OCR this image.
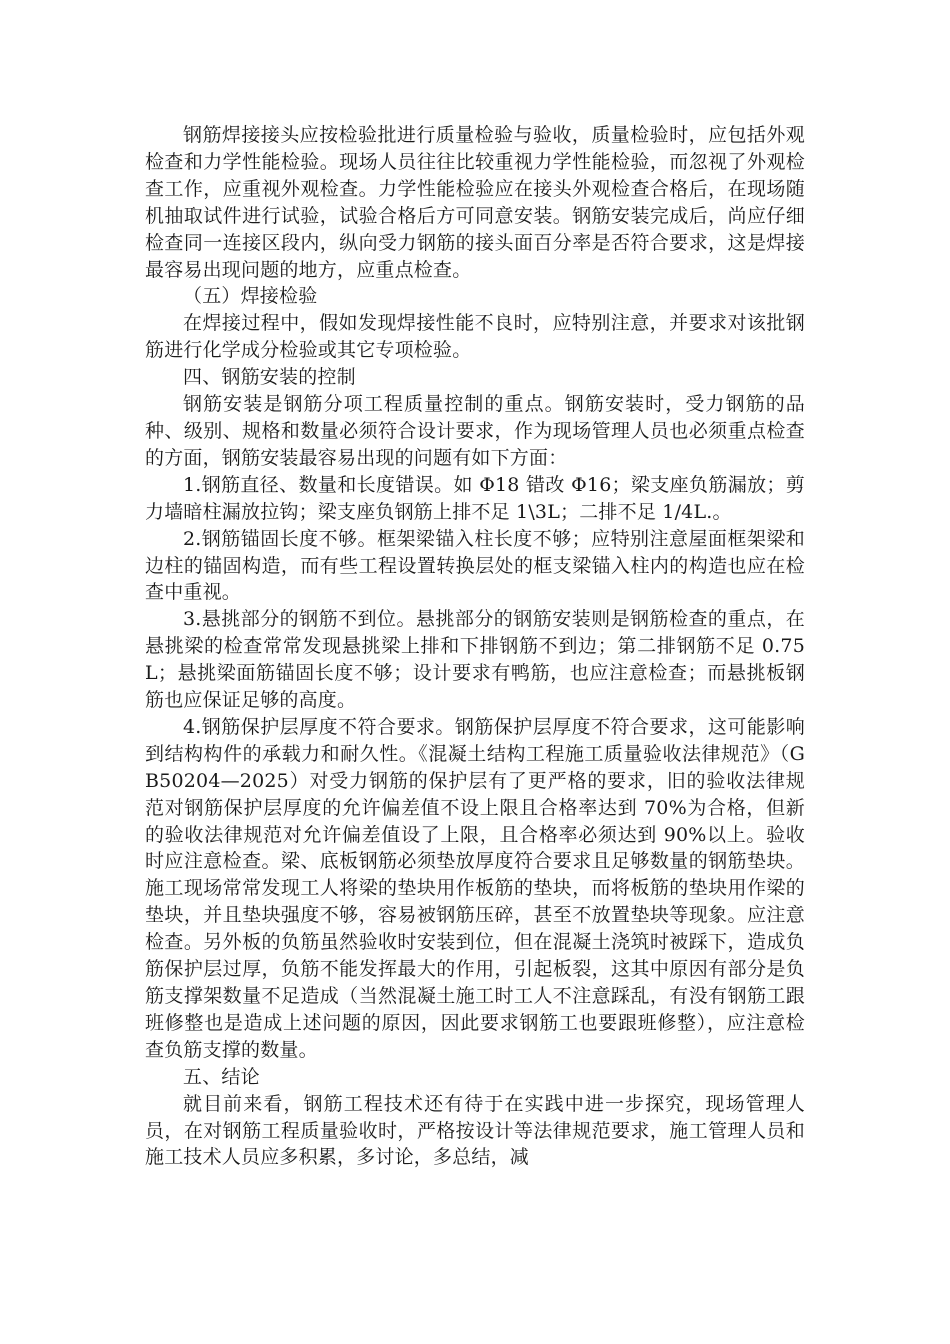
钢筋焊接接头应按检验批进行质量检验与验收，质量检验时，应包括外观检查和力学性能检验。现场人员往往比较重视力学性能检验，而忽视了外观检查工作，应重视外观检查。力学性能检验应在接头外观检查合格后，在现场随机抽取试件进行试验，试验合格后方可同意安装。钢筋安装完成后，尚应仔细检查同一连接区段内，纵向受力钢筋的接头面百分率是否符合要求，这是焊接最容易出现问题的地方，应重点检查。

（五）焊接检验

在焊接过程中，假如发现焊接性能不良时，应特别注意，并要求对该批钢筋进行化学成分检验或其它专项检验。

四、钢筋安装的控制

钢筋安装是钢筋分项工程质量控制的重点。钢筋安装时，受力钢筋的品种、级别、规格和数量必须符合设计要求，作为现场管理人员也必须重点检查的方面，钢筋安装最容易出现的问题有如下方面：

1.钢筋直径、数量和长度错误。如 Φ18 错改 Φ16；梁支座负筋漏放；剪力墙暗柱漏放拉钩；梁支座负钢筋上排不足 1\3L；二排不足 1/4L.。

2.钢筋锚固长度不够。框架梁锚入柱长度不够；应特别注意屋面框架梁和边柱的锚固构造，而有些工程设置转换层处的框支梁锚入柱内的构造也应在检查中重视。

3.悬挑部分的钢筋不到位。悬挑部分的钢筋安装则是钢筋检查的重点，在悬挑梁的检查常常发现悬挑梁上排和下排钢筋不到边；第二排钢筋不足 0.75L；悬挑梁面筋锚固长度不够；设计要求有鸭筋，也应注意检查；而悬挑板钢筋也应保证足够的高度。

4.钢筋保护层厚度不符合要求。钢筋保护层厚度不符合要求，这可能影响到结构构件的承载力和耐久性。《混凝土结构工程施工质量验收法律规范》（GB50204—2025）对受力钢筋的保护层有了更严格的要求，旧的验收法律规范对钢筋保护层厚度的允许偏差值不设上限且合格率达到 70%为合格，但新的验收法律规范对允许偏差值设了上限，且合格率必须达到 90%以上。验收时应注意检查。梁、底板钢筋必须垫放厚度符合要求且足够数量的钢筋垫块。施工现场常常发现工人将梁的垫块用作板筋的垫块，而将板筋的垫块用作梁的垫块，并且垫块强度不够，容易被钢筋压碎，甚至不放置垫块等现象。应注意检查。另外板的负筋虽然验收时安装到位，但在混凝土浇筑时被踩下，造成负筋保护层过厚，负筋不能发挥最大的作用，引起板裂，这其中原因有部分是负筋支撑架数量不足造成（当然混凝土施工时工人不注意踩乱，有没有钢筋工跟班修整也是造成上述问题的原因，因此要求钢筋工也要跟班修整），应注意检查负筋支撑的数量。

五、结论

就目前来看，钢筋工程技术还有待于在实践中进一步探究，现场管理人员，在对钢筋工程质量验收时，严格按设计等法律规范要求，施工管理人员和施工技术人员应多积累，多讨论，多总结，减
